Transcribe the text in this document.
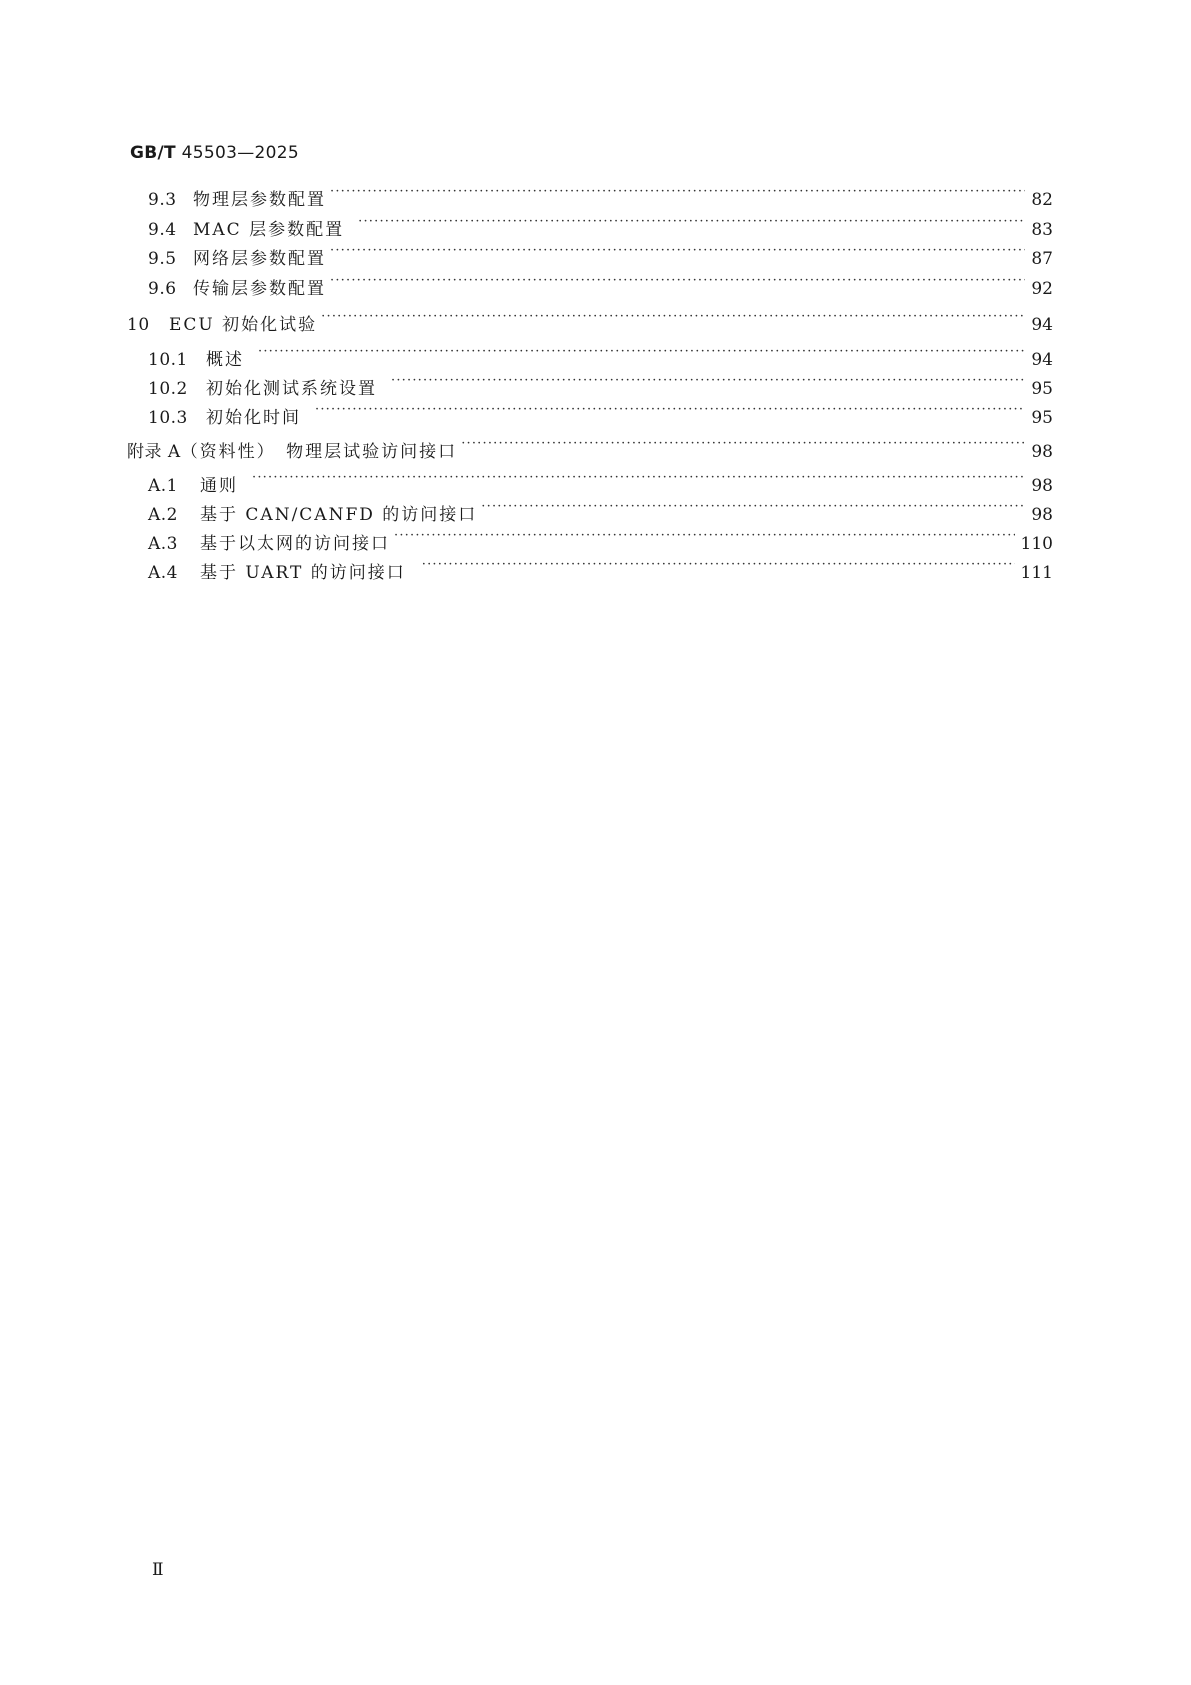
GB/T 45503—2025
9.3 物理层参数配置 ·····	82
9.4 MAC 层参数配置 ·····	83
9.5 网络层参数配置 ·····	87
9.6 传输层参数配置 ·····	92
10	ECU 初始化试验 ·····	94
10.1	概述 ·····	94
10.2	初始化测试系统设置 ·····	95
10.3	初始化时间 ·····	95
附录 A （资料性）　物理层试验访问接口 ·····	98
A.1	通则 ·····	98
A.2	基于 CAN/CANFD 的访问接口 ·····	98
A.3	基于以太网的访问接口 ·····	110
A.4	基于 UART 的访问接口 ·····	111
Ⅱ
